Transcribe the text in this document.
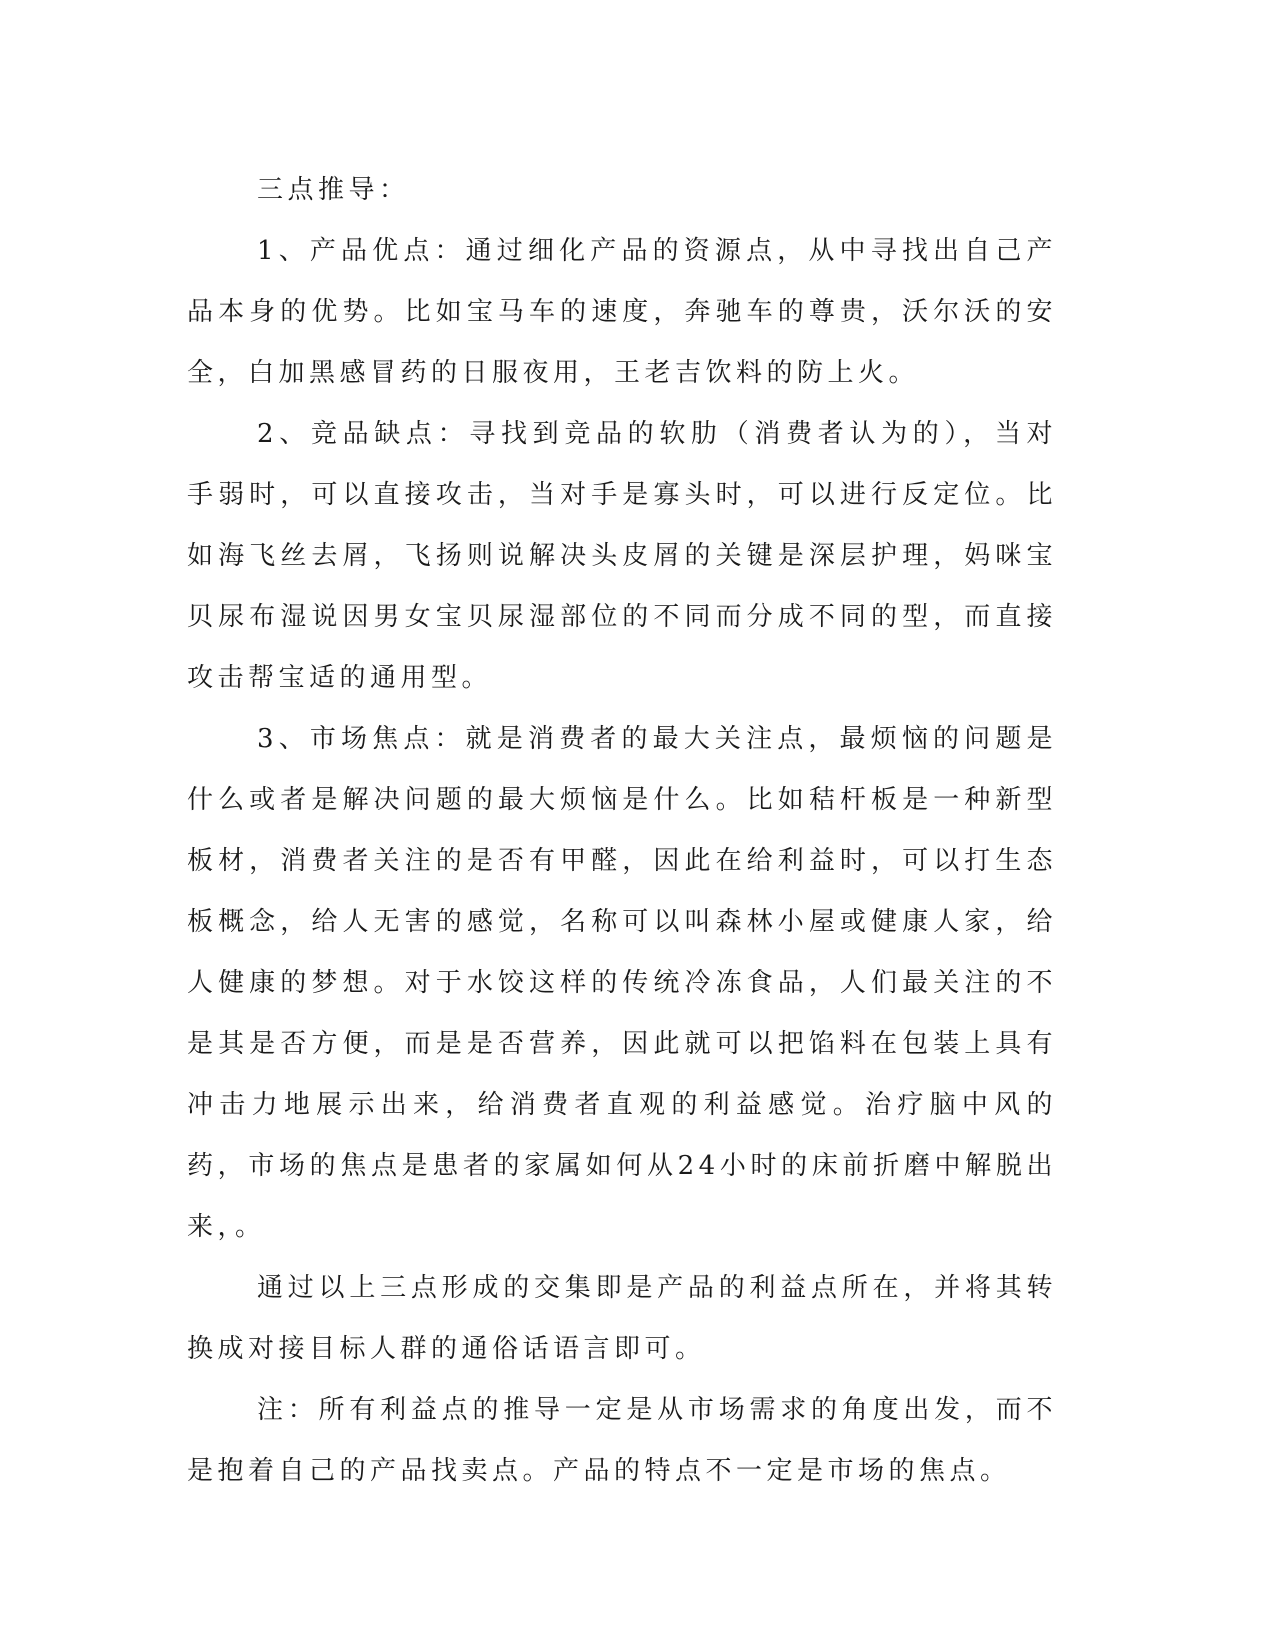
三点推导：

1、产品优点：通过细化产品的资源点，从中寻找出自己产品本身的优势。比如宝马车的速度，奔驰车的尊贵，沃尔沃的安全，白加黑感冒药的日服夜用，王老吉饮料的防上火。

2、竞品缺点：寻找到竞品的软肋（消费者认为的），当对手弱时，可以直接攻击，当对手是寡头时，可以进行反定位。比如海飞丝去屑，飞扬则说解决头皮屑的关键是深层护理，妈咪宝贝尿布湿说因男女宝贝尿湿部位的不同而分成不同的型，而直接攻击帮宝适的通用型。

3、市场焦点：就是消费者的最大关注点，最烦恼的问题是什么或者是解决问题的最大烦恼是什么。比如秸杆板是一种新型板材，消费者关注的是否有甲醛，因此在给利益时，可以打生态板概念，给人无害的感觉，名称可以叫森林小屋或健康人家，给人健康的梦想。对于水饺这样的传统冷冻食品，人们最关注的不是其是否方便，而是是否营养，因此就可以把馅料在包装上具有冲击力地展示出来，给消费者直观的利益感觉。治疗脑中风的药，市场的焦点是患者的家属如何从24小时的床前折磨中解脱出来，。

通过以上三点形成的交集即是产品的利益点所在，并将其转换成对接目标人群的通俗话语言即可。

注：所有利益点的推导一定是从市场需求的角度出发，而不是抱着自己的产品找卖点。产品的特点不一定是市场的焦点。
